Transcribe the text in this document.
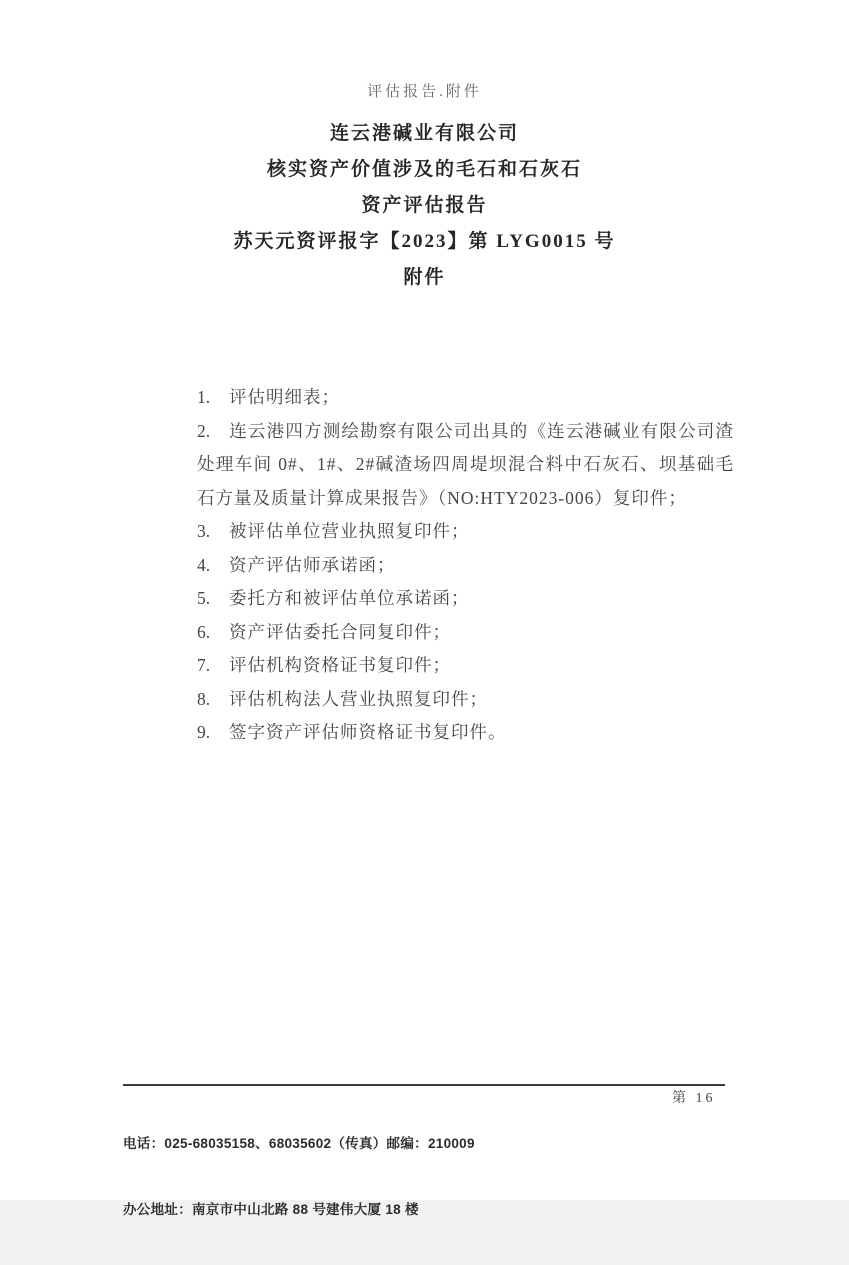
评估报告.附件
连云港碱业有限公司
核实资产价值涉及的毛石和石灰石
资产评估报告
苏天元资评报字【2023】第 LYG0015 号
附件
1. 评估明细表；
2. 连云港四方测绘勘察有限公司出具的《连云港碱业有限公司渣处理车间 0#、1#、2#碱渣场四周堤坝混合料中石灰石、坝基础毛石方量及质量计算成果报告》（NO:HTY2023-006）复印件；
3. 被评估单位营业执照复印件；
4. 资产评估师承诺函；
5. 委托方和被评估单位承诺函；
6. 资产评估委托合同复印件；
7. 评估机构资格证书复印件；
8. 评估机构法人营业执照复印件；
9. 签字资产评估师资格证书复印件。

电话：025-68035158、68035602（传真）邮编：210009

办公地址：南京市中山北路 88 号建伟大厦 18 楼

第 16
